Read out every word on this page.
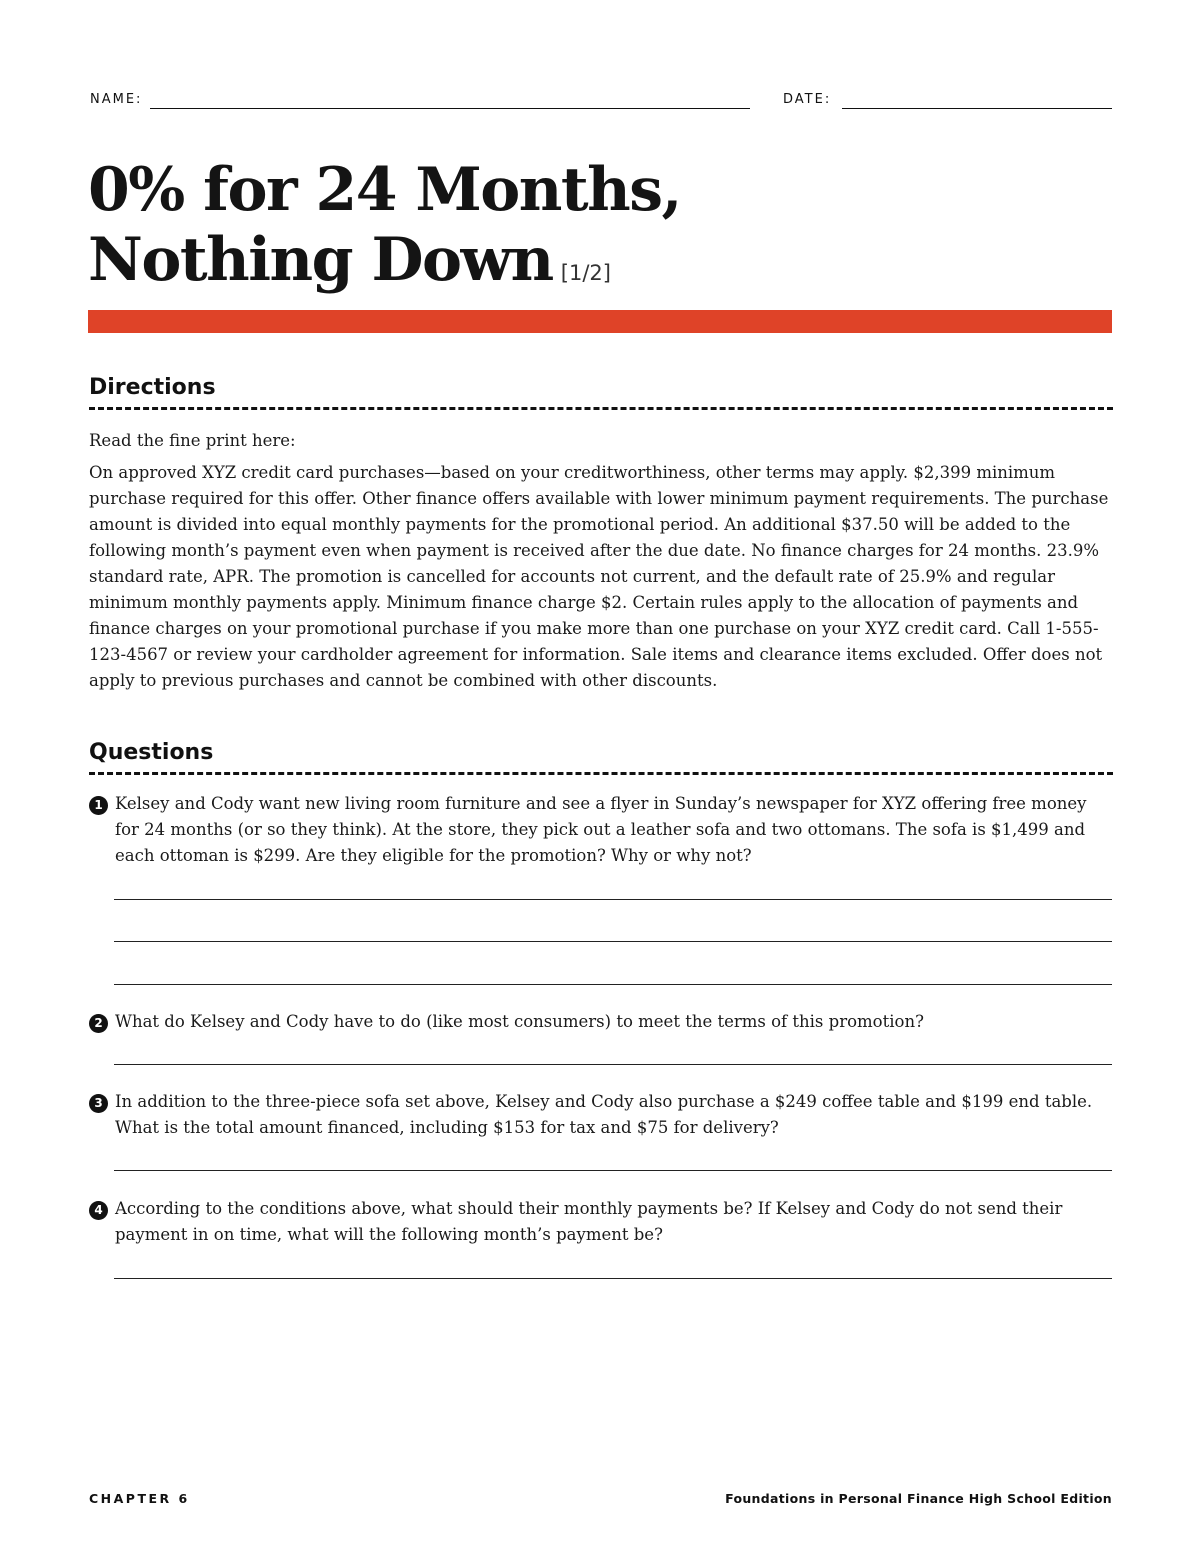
NAME:	DATE:
0% for 24 Months,
Nothing Down [1/2]
Directions
Read the fine print here:
On approved XYZ credit card purchases—based on your creditworthiness, other terms may apply. $2,399 minimum purchase required for this offer. Other finance offers available with lower minimum payment requirements. The purchase amount is divided into equal monthly payments for the promotional period. An additional $37.50 will be added to the following month’s payment even when payment is received after the due date. No finance charges for 24 months. 23.9% standard rate, APR. The promotion is cancelled for accounts not current, and the default rate of 25.9% and regular minimum monthly payments apply. Minimum finance charge $2. Certain rules apply to the allocation of payments and finance charges on your promotional purchase if you make more than one purchase on your XYZ credit card. Call 1-555-123-4567 or review your cardholder agreement for information. Sale items and clearance items excluded. Offer does not apply to previous purchases and cannot be combined with other discounts.
Questions
1 Kelsey and Cody want new living room furniture and see a flyer in Sunday’s newspaper for XYZ offering free money for 24 months (or so they think). At the store, they pick out a leather sofa and two ottomans. The sofa is $1,499 and each ottoman is $299. Are they eligible for the promotion? Why or why not?
2 What do Kelsey and Cody have to do (like most consumers) to meet the terms of this promotion?
3 In addition to the three-piece sofa set above, Kelsey and Cody also purchase a $249 coffee table and $199 end table. What is the total amount financed, including $153 for tax and $75 for delivery?
4 According to the conditions above, what should their monthly payments be? If Kelsey and Cody do not send their payment in on time, what will the following month’s payment be?
CHAPTER 6	Foundations in Personal Finance High School Edition
